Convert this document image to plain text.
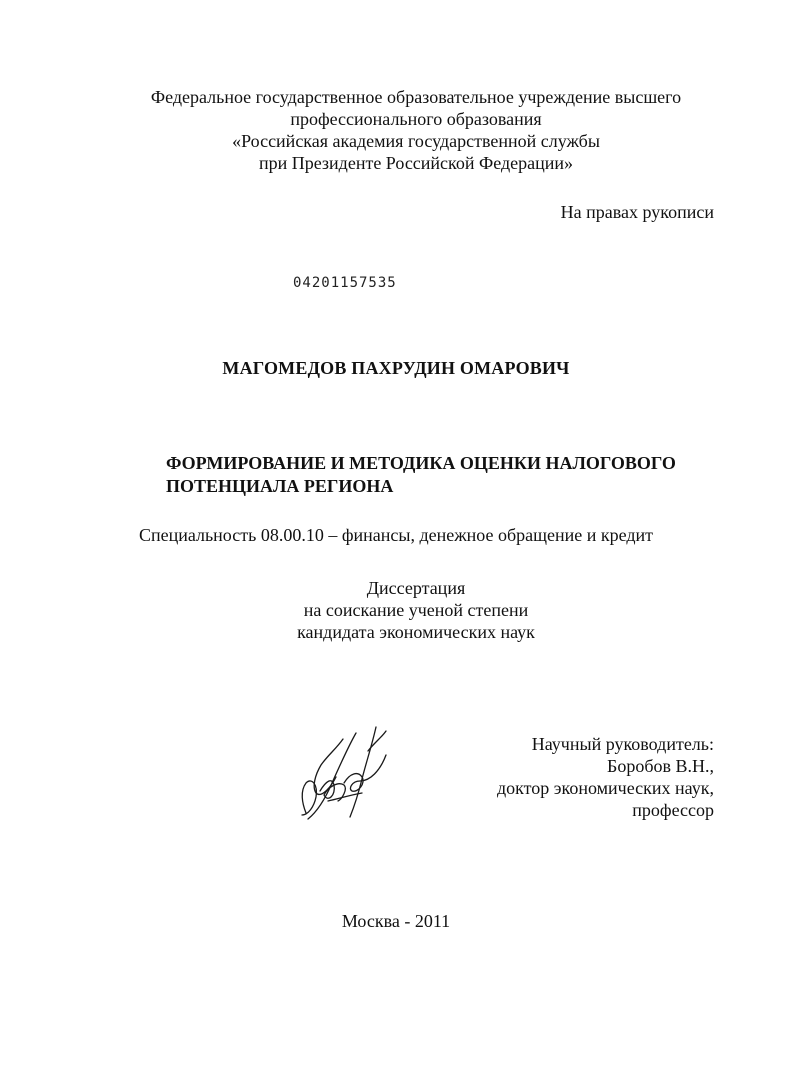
Федеральное государственное образовательное учреждение высшего
профессионального образования
«Российская академия государственной службы
при Президенте Российской Федерации»
На правах рукописи
04201157535
МАГОМЕДОВ ПАХРУДИН ОМАРОВИЧ
ФОРМИРОВАНИЕ И МЕТОДИКА ОЦЕНКИ НАЛОГОВОГО
ПОТЕНЦИАЛА РЕГИОНА
Специальность 08.00.10 – финансы, денежное обращение и кредит
Диссертация
на соискание ученой степени
кандидата экономических наук
Научный руководитель:
Боробов В.Н.,
доктор экономических наук,
профессор
Москва - 2011
